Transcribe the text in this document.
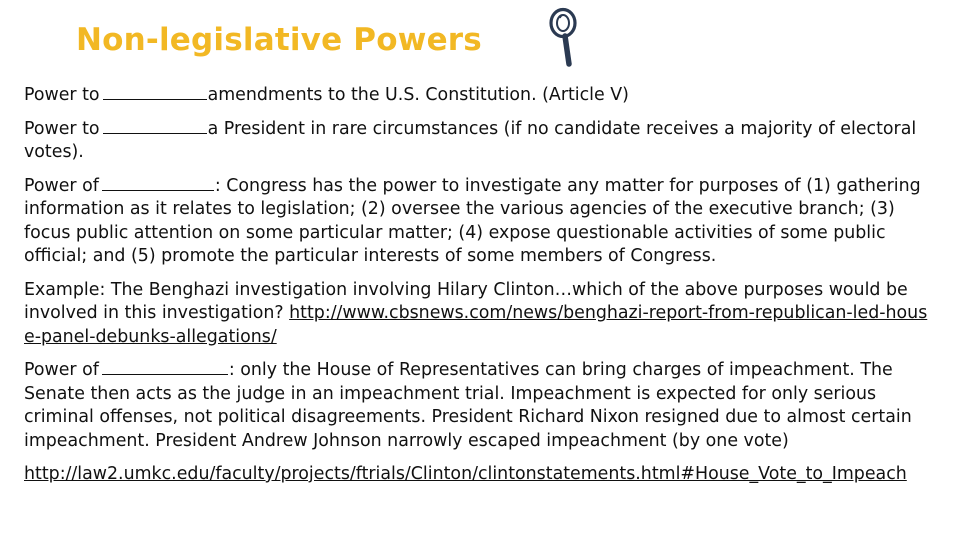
Non-legislative Powers

Power to	amendments to the U.S. Constitution. (Article V)

Power to	a President in rare circumstances (if no candidate receives a majority of electoral votes).

Power of	: Congress has the power to investigate any matter for purposes of (1) gathering information as it relates to legislation; (2) oversee the various agencies of the executive branch; (3) focus public attention on some particular matter; (4) expose questionable activities of some public official; and (5) promote the particular interests of some members of Congress.

Example: The Benghazi investigation involving Hilary Clinton…which of the above purposes would be involved in this investigation? http://www.cbsnews.com/news/benghazi-report-from-republican-led-house-panel-debunks-allegations/

Power of	: only the House of Representatives can bring charges of impeachment. The Senate then acts as the judge in an impeachment trial. Impeachment is expected for only serious criminal offenses, not political disagreements. President Richard Nixon resigned due to almost certain impeachment. President Andrew Johnson narrowly escaped impeachment (by one vote)

http://law2.umkc.edu/faculty/projects/ftrials/Clinton/clintonstatements.html#House_Vote_to_Impeach
